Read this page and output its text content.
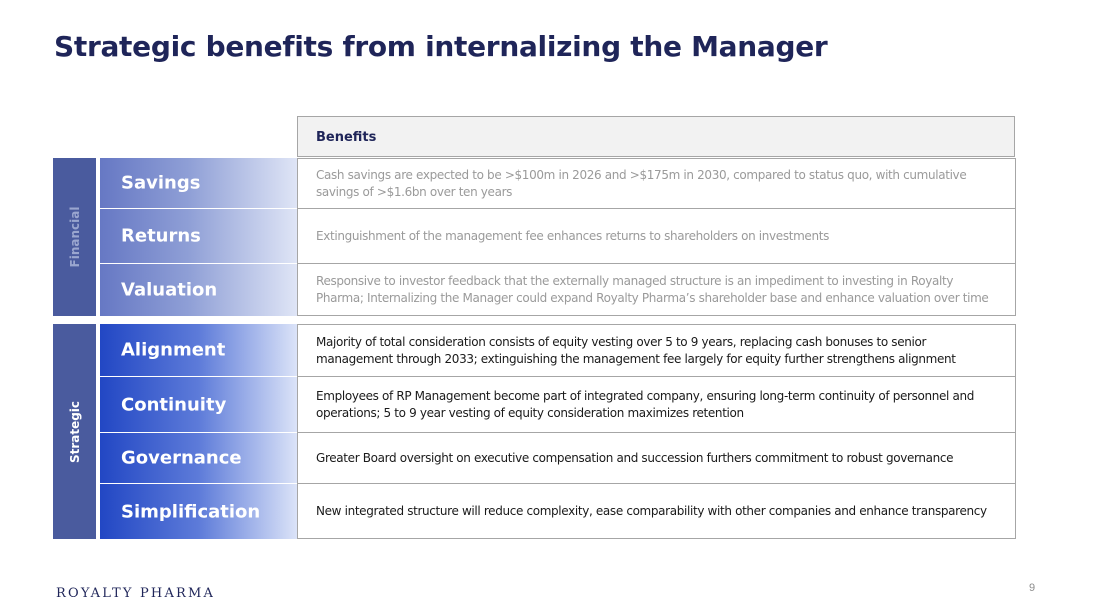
Strategic benefits from internalizing the Manager
Benefits
Financial
Savings	Cash savings are expected to be >$100m in 2026 and >$175m in 2030, compared to status quo, with cumulative savings of >$1.6bn over ten years
Returns	Extinguishment of the management fee enhances returns to shareholders on investments
Valuation	Responsive to investor feedback that the externally managed structure is an impediment to investing in Royalty Pharma; Internalizing the Manager could expand Royalty Pharma’s shareholder base and enhance valuation over time
Strategic
Alignment	Majority of total consideration consists of equity vesting over 5 to 9 years, replacing cash bonuses to senior management through 2033; extinguishing the management fee largely for equity further strengthens alignment
Continuity	Employees of RP Management become part of integrated company, ensuring long-term continuity of personnel and operations; 5 to 9 year vesting of equity consideration maximizes retention
Governance	Greater Board oversight on executive compensation and succession furthers commitment to robust governance
Simplification	New integrated structure will reduce complexity, ease comparability with other companies and enhance transparency
ROYALTY PHARMA	9
